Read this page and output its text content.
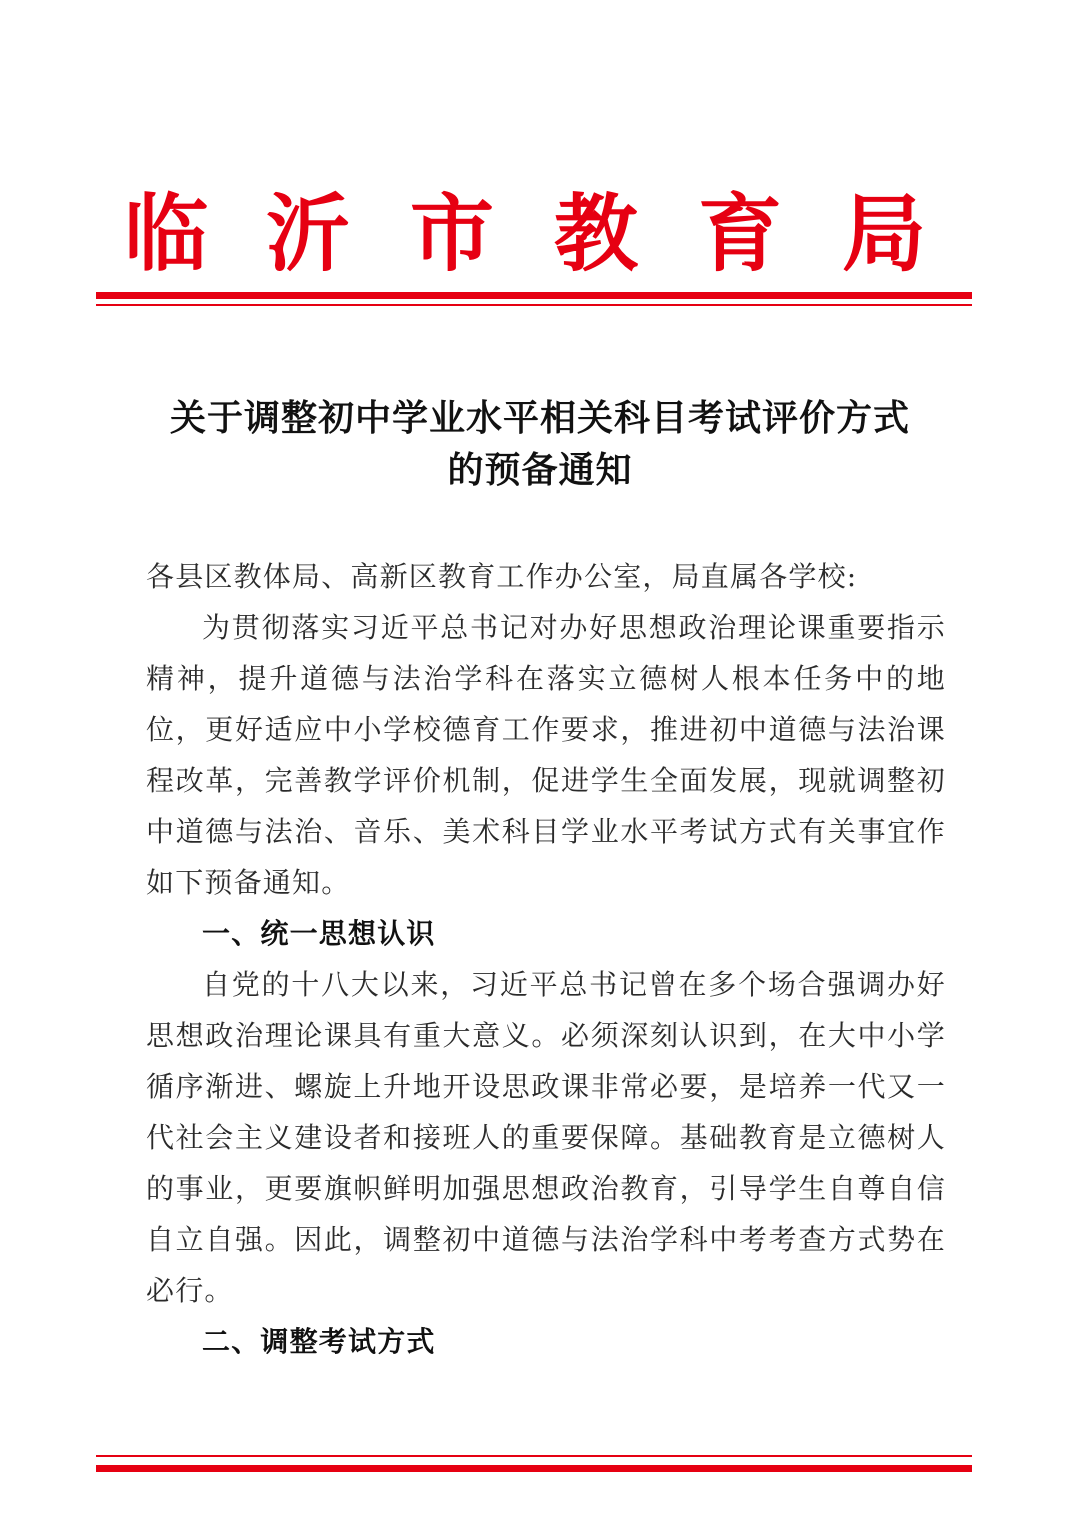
临 沂 市 教 育 局
关于调整初中学业水平相关科目考试评价方式
的预备通知

各县区教体局、高新区教育工作办公室，局直属各学校:

为贯彻落实习近平总书记对办好思想政治理论课重要指示精神，提升道德与法治学科在落实立德树人根本任务中的地位，更好适应中小学校德育工作要求，推进初中道德与法治课程改革，完善教学评价机制，促进学生全面发展，现就调整初中道德与法治、音乐、美术科目学业水平考试方式有关事宜作如下预备通知。

一、统一思想认识

自党的十八大以来，习近平总书记曾在多个场合强调办好思想政治理论课具有重大意义。必须深刻认识到，在大中小学循序渐进、螺旋上升地开设思政课非常必要，是培养一代又一代社会主义建设者和接班人的重要保障。基础教育是立德树人的事业，更要旗帜鲜明加强思想政治教育，引导学生自尊自信自立自强。因此，调整初中道德与法治学科中考考查方式势在必行。

二、调整考试方式
